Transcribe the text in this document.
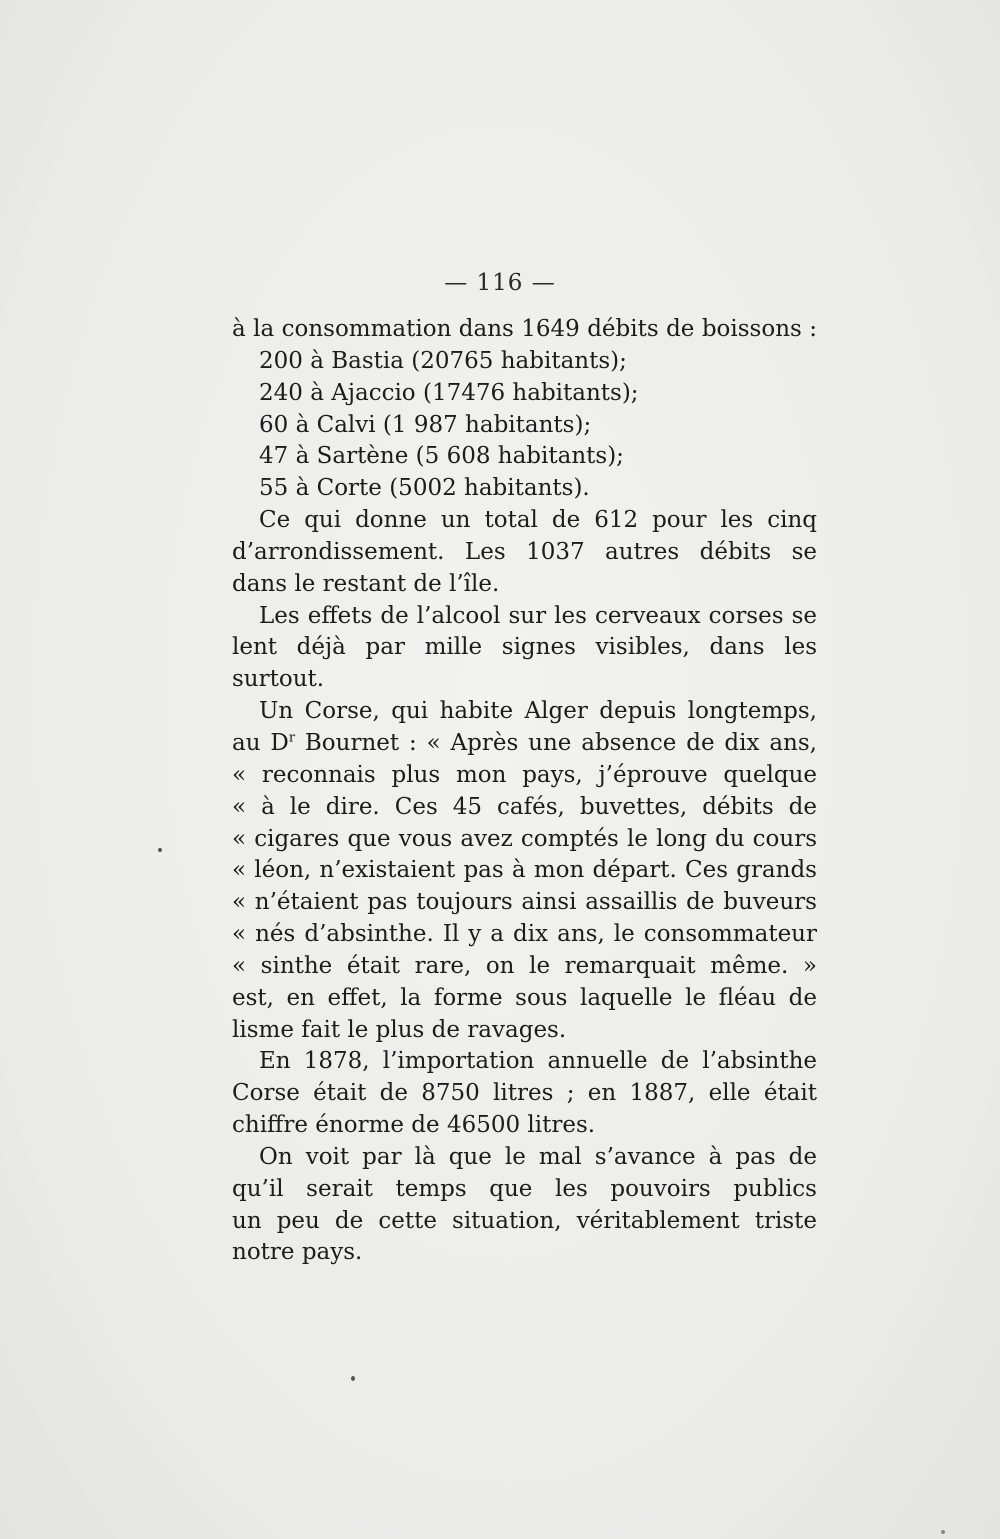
— 116 —
à la consommation dans 1649 débits de boissons :
200 à Bastia (20765 habitants);
240 à Ajaccio (17476 habitants);
60 à Calvi (1 987 habitants);
47 à Sartène (5 608 habitants);
55 à Corte (5002 habitants).
Ce qui donne un total de 612 pour les cinq
d’arrondissement. Les 1037 autres débits se
dans le restant de l’île.
Les effets de l’alcool sur les cerveaux corses se
lent déjà par mille signes visibles, dans les
surtout.
Un Corse, qui habite Alger depuis longtemps,
au $D^r$ Bournet : « Après une absence de dix ans,
« reconnais plus mon pays, j’éprouve quelque
« à le dire. Ces 45 cafés, buvettes, débits de
« cigares que vous avez comptés le long du cours
« léon, n’existaient pas à mon départ. Ces grands
« n’étaient pas toujours ainsi assaillis de buveurs
« nés d’absinthe. Il y a dix ans, le consommateur
« sinthe était rare, on le remarquait même. »
est, en effet, la forme sous laquelle le fléau de
lisme fait le plus de ravages.
En 1878, l’importation annuelle de l’absinthe
Corse était de 8750 litres ; en 1887, elle était
chiffre énorme de 46500 litres.
On voit par là que le mal s’avance à pas de
qu’il serait temps que les pouvoirs publics
un peu de cette situation, véritablement triste
notre pays.
